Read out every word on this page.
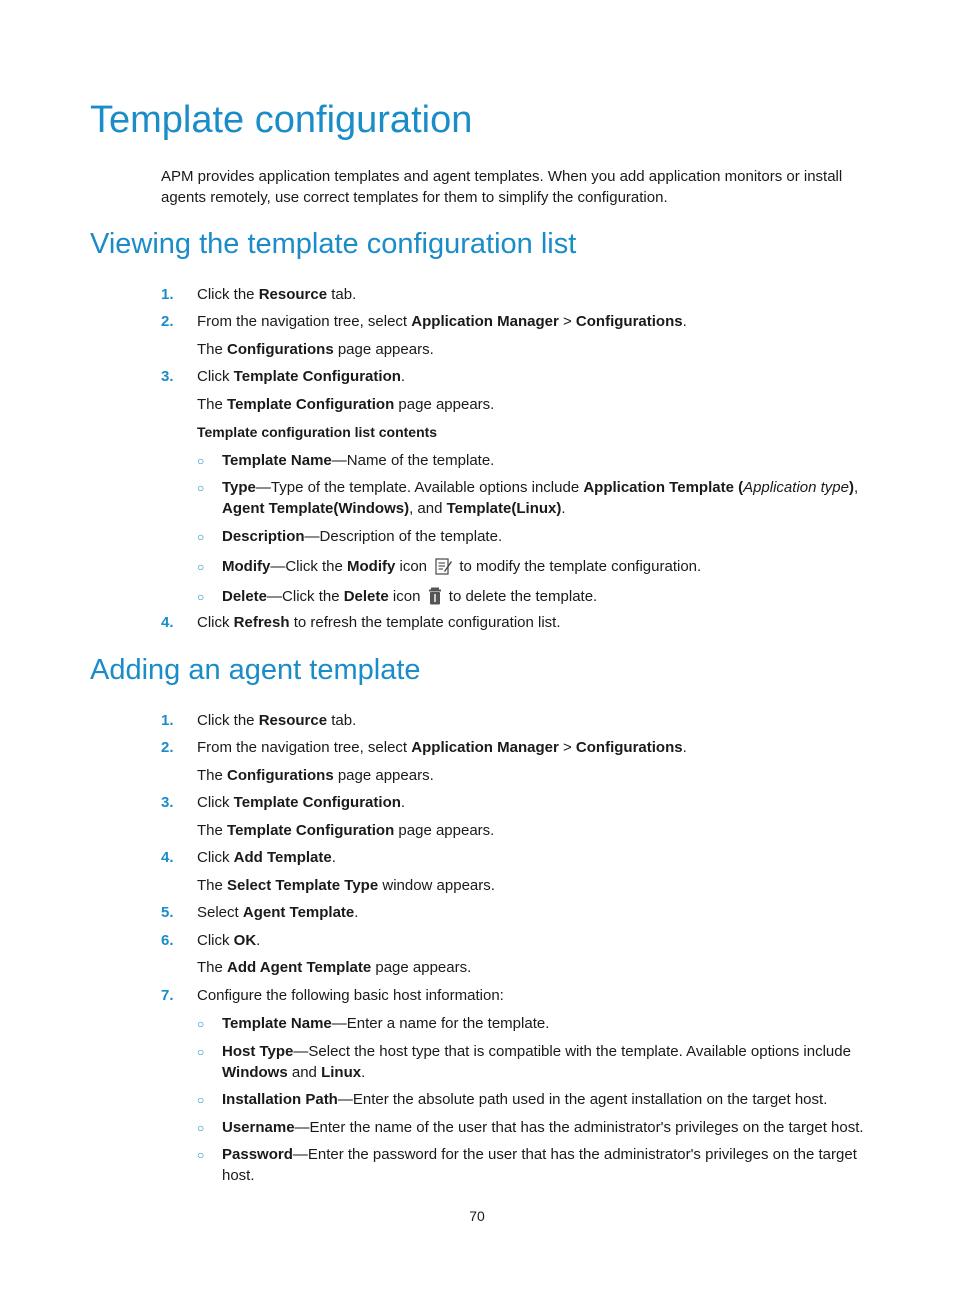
Template configuration
APM provides application templates and agent templates. When you add application monitors or install agents remotely, use correct templates for them to simplify the configuration.
Viewing the template configuration list
1. Click the Resource tab.
2. From the navigation tree, select Application Manager > Configurations.
The Configurations page appears.
3. Click Template Configuration.
The Template Configuration page appears.
Template configuration list contents
○ Template Name—Name of the template.
○ Type—Type of the template. Available options include Application Template (Application type),
Agent Template(Windows), and Template(Linux).
○ Description—Description of the template.
○ Modify—Click the Modify icon  to modify the template configuration.
○ Delete—Click the Delete icon  to delete the template.
4. Click Refresh to refresh the template configuration list.
Adding an agent template
1. Click the Resource tab.
2. From the navigation tree, select Application Manager > Configurations.
The Configurations page appears.
3. Click Template Configuration.
The Template Configuration page appears.
4. Click Add Template.
The Select Template Type window appears.
5. Select Agent Template.
6. Click OK.
The Add Agent Template page appears.
7. Configure the following basic host information:
○ Template Name—Enter a name for the template.
○ Host Type—Select the host type that is compatible with the template. Available options include Windows and Linux.
○ Installation Path—Enter the absolute path used in the agent installation on the target host.
○ Username—Enter the name of the user that has the administrator's privileges on the target host.
○ Password—Enter the password for the user that has the administrator's privileges on the target host.
70
